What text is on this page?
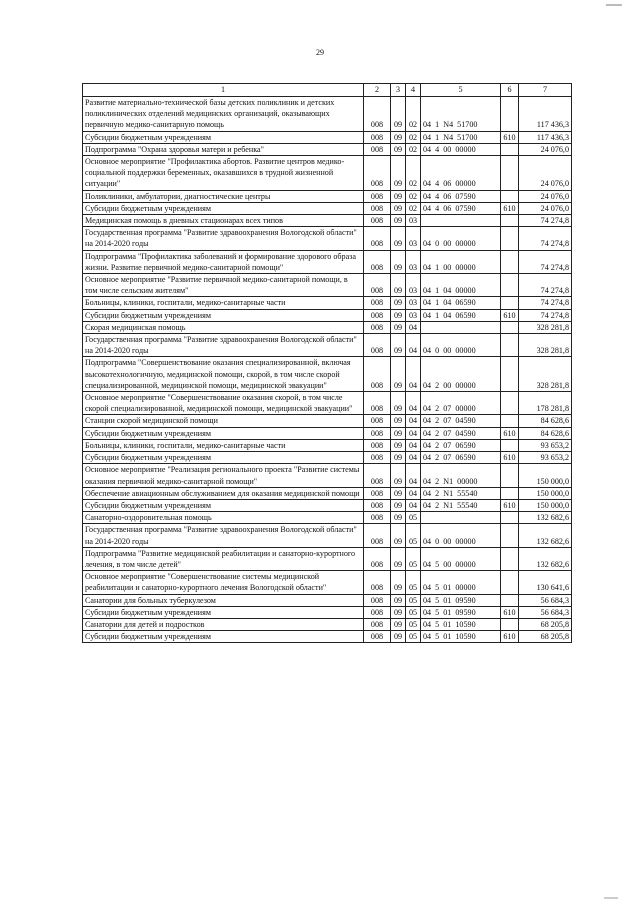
29
1	2	3	4	5	6	7
Развитие материально-технической базы детских поликлиник и детских поликлинических отделений медицинских организаций, оказывающих первичную медико-санитарную помощь	008	09	02	04  1  N4  51700		117 436,3
Субсидии бюджетным учреждениям	008	09	02	04  1  N4  51700	610	117 436,3
Подпрограмма "Охрана здоровья матери и ребенка"	008	09	02	04  4  00  00000		24 076,0
Основное мероприятие "Профилактика абортов. Развитие центров медико-социальной поддержки беременных, оказавшихся в трудной жизненной ситуации"	008	09	02	04  4  06  00000		24 076,0
Поликлиники, амбулатории, диагностические центры	008	09	02	04  4  06  07590		24 076,0
Субсидии бюджетным учреждениям	008	09	02	04  4  06  07590	610	24 076,0
Медицинская помощь в дневных стационарах всех типов	008	09	03			74 274,8
Государственная программа "Развитие здравоохранения Вологодской области" на 2014-2020 годы	008	09	03	04  0  00  00000		74 274,8
Подпрограмма "Профилактика заболеваний и формирование здорового образа жизни. Развитие первичной медико-санитарной помощи"	008	09	03	04  1  00  00000		74 274,8
Основное мероприятие "Развитие первичной медико-санитарной помощи, в том числе сельским жителям"	008	09	03	04  1  04  00000		74 274,8
Больницы, клиники, госпитали, медико-санитарные части	008	09	03	04  1  04  06590		74 274,8
Субсидии бюджетным учреждениям	008	09	03	04  1  04  06590	610	74 274,8
Скорая медицинская помощь	008	09	04			328 281,8
Государственная программа "Развитие здравоохранения Вологодской области" на 2014-2020 годы	008	09	04	04  0  00  00000		328 281,8
Подпрограмма "Совершенствование оказания специализированной, включая высокотехнологичную, медицинской помощи, скорой, в том числе скорой специализированной, медицинской помощи, медицинской эвакуации"	008	09	04	04  2  00  00000		328 281,8
Основное мероприятие "Совершенствование оказания скорой, в том числе скорой специализированной, медицинской помощи, медицинской эвакуации"	008	09	04	04  2  07  00000		178 281,8
Станции скорой медицинской помощи	008	09	04	04  2  07  04590		84 628,6
Субсидии бюджетным учреждениям	008	09	04	04  2  07  04590	610	84 628,6
Больницы, клиники, госпитали, медико-санитарные части	008	09	04	04  2  07  06590		93 653,2
Субсидии бюджетным учреждениям	008	09	04	04  2  07  06590	610	93 653,2
Основное мероприятие "Реализация регионального проекта "Развитие системы оказания первичной медико-санитарной помощи"	008	09	04	04  2  N1  00000		150 000,0
Обеспечение авиационным обслуживанием для оказания медицинской помощи	008	09	04	04  2  N1  55540		150 000,0
Субсидии бюджетным учреждениям	008	09	04	04  2  N1  55540	610	150 000,0
Санаторно-оздоровительная помощь	008	09	05			132 682,6
Государственная программа "Развитие здравоохранения Вологодской области" на 2014-2020 годы	008	09	05	04  0  00  00000		132 682,6
Подпрограмма "Развитие медицинской реабилитации и санаторно-курортного лечения, в том числе детей"	008	09	05	04  5  00  00000		132 682,6
Основное мероприятие "Совершенствование системы медицинской реабилитации и санаторно-курортного лечения Вологодской области"	008	09	05	04  5  01  00000		130 641,6
Санатории для больных туберкулезом	008	09	05	04  5  01  09590		56 684,3
Субсидии бюджетным учреждениям	008	09	05	04  5  01  09590	610	56 684,3
Санатории для детей и подростков	008	09	05	04  5  01  10590		68 205,8
Субсидии бюджетным учреждениям	008	09	05	04  5  01  10590	610	68 205,8
